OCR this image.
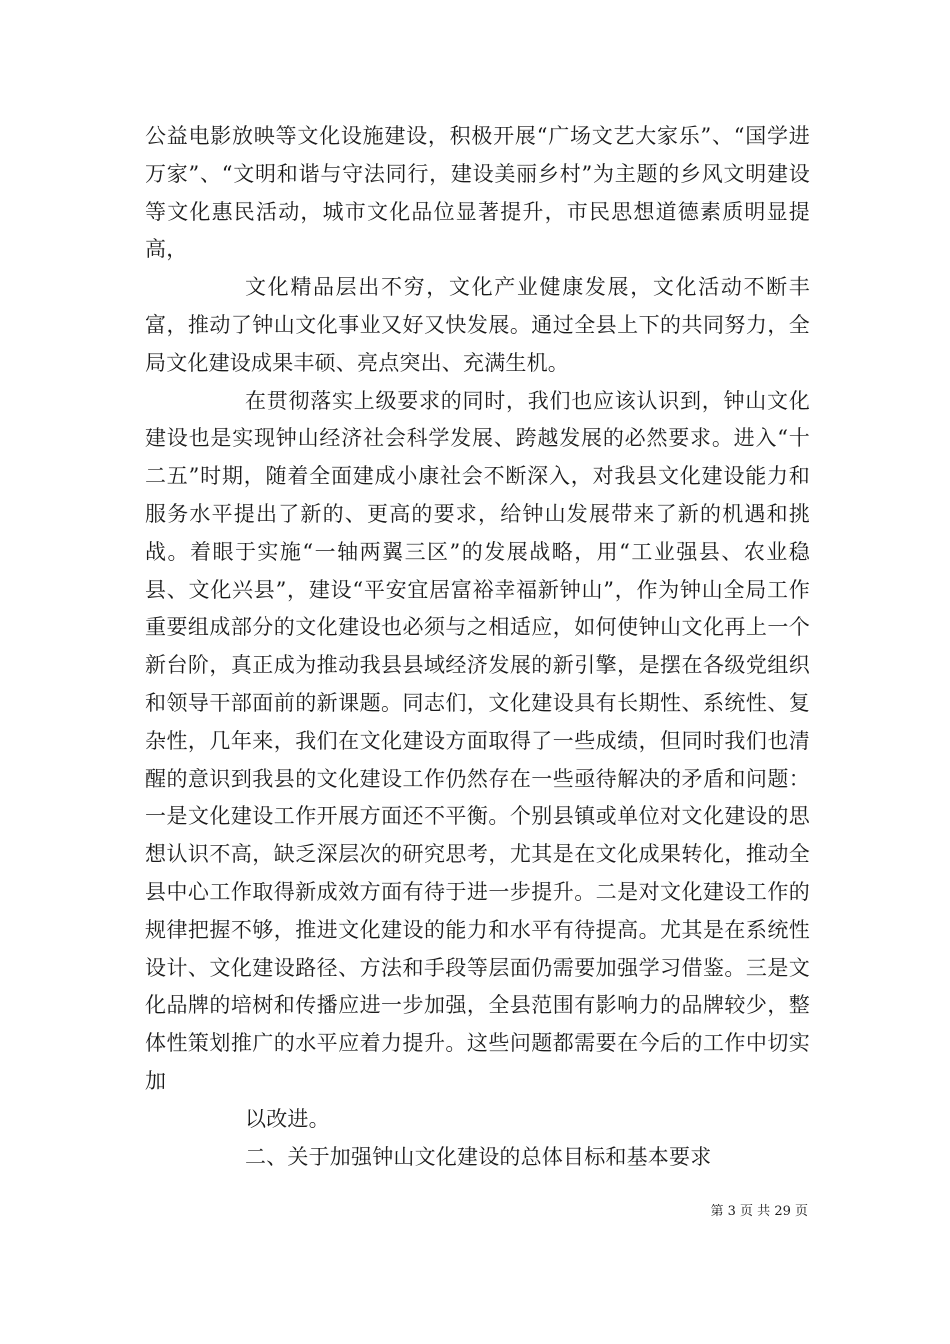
公益电影放映等文化设施建设，积极开展“广场文艺大家乐”、“国学进万家”、“文明和谐与守法同行，建设美丽乡村”为主题的乡风文明建设等文化惠民活动，城市文化品位显著提升，市民思想道德素质明显提高，

文化精品层出不穷，文化产业健康发展，文化活动不断丰富，推动了钟山文化事业又好又快发展。通过全县上下的共同努力，全局文化建设成果丰硕、亮点突出、充满生机。

在贯彻落实上级要求的同时，我们也应该认识到，钟山文化建设也是实现钟山经济社会科学发展、跨越发展的必然要求。进入“十二五”时期，随着全面建成小康社会不断深入，对我县文化建设能力和服务水平提出了新的、更高的要求，给钟山发展带来了新的机遇和挑战。着眼于实施“一轴两翼三区”的发展战略，用“工业强县、农业稳县、文化兴县”，建设“平安宜居富裕幸福新钟山”，作为钟山全局工作重要组成部分的文化建设也必须与之相适应，如何使钟山文化再上一个新台阶，真正成为推动我县县域经济发展的新引擎，是摆在各级党组织和领导干部面前的新课题。同志们，文化建设具有长期性、系统性、复杂性，几年来，我们在文化建设方面取得了一些成绩，但同时我们也清醒的意识到我县的文化建设工作仍然存在一些亟待解决的矛盾和问题：一是文化建设工作开展方面还不平衡。个别县镇或单位对文化建设的思想认识不高，缺乏深层次的研究思考，尤其是在文化成果转化，推动全县中心工作取得新成效方面有待于进一步提升。二是对文化建设工作的规律把握不够，推进文化建设的能力和水平有待提高。尤其是在系统性设计、文化建设路径、方法和手段等层面仍需要加强学习借鉴。三是文化品牌的培树和传播应进一步加强，全县范围有影响力的品牌较少，整体性策划推广的水平应着力提升。这些问题都需要在今后的工作中切实加

以改进。

二、关于加强钟山文化建设的总体目标和基本要求

第 3 页 共 29 页
